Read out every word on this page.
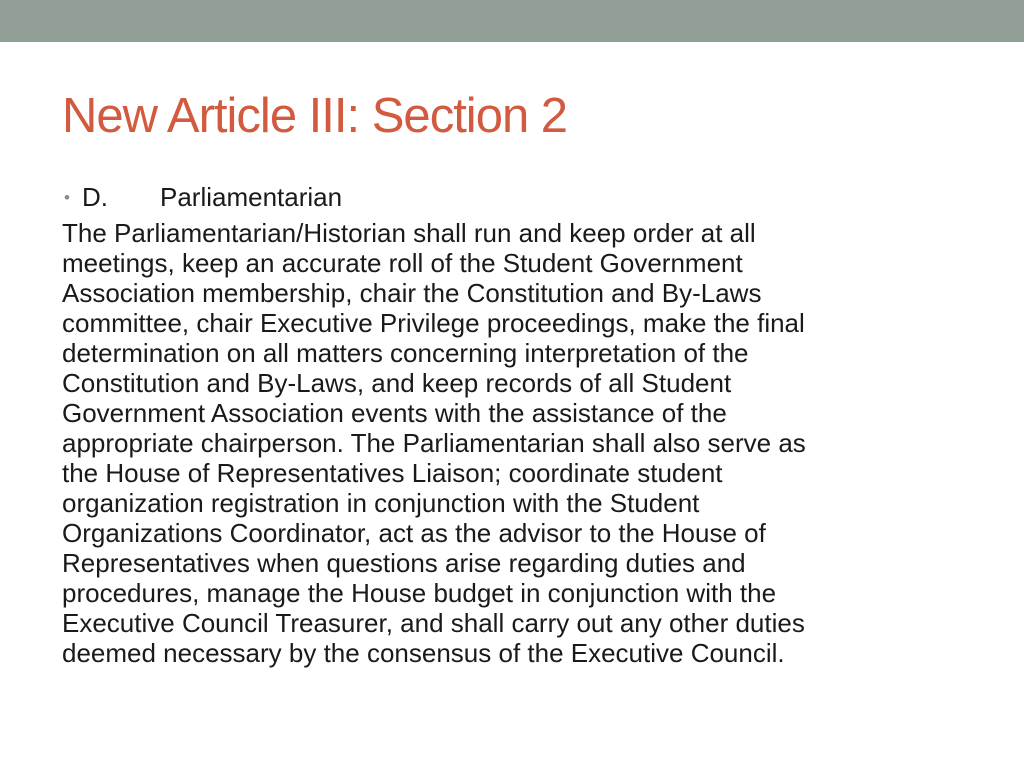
New Article III: Section 2
• D. Parliamentarian

The Parliamentarian/Historian shall run and keep order at all
meetings, keep an accurate roll of the Student Government
Association membership, chair the Constitution and By-Laws
committee, chair Executive Privilege proceedings, make the final
determination on all matters concerning interpretation of the
Constitution and By-Laws, and keep records of all Student
Government Association events with the assistance of the
appropriate chairperson. The Parliamentarian shall also serve as
the House of Representatives Liaison; coordinate student
organization registration in conjunction with the Student
Organizations Coordinator, act as the advisor to the House of
Representatives when questions arise regarding duties and
procedures, manage the House budget in conjunction with the
Executive Council Treasurer, and shall carry out any other duties
deemed necessary by the consensus of the Executive Council.
